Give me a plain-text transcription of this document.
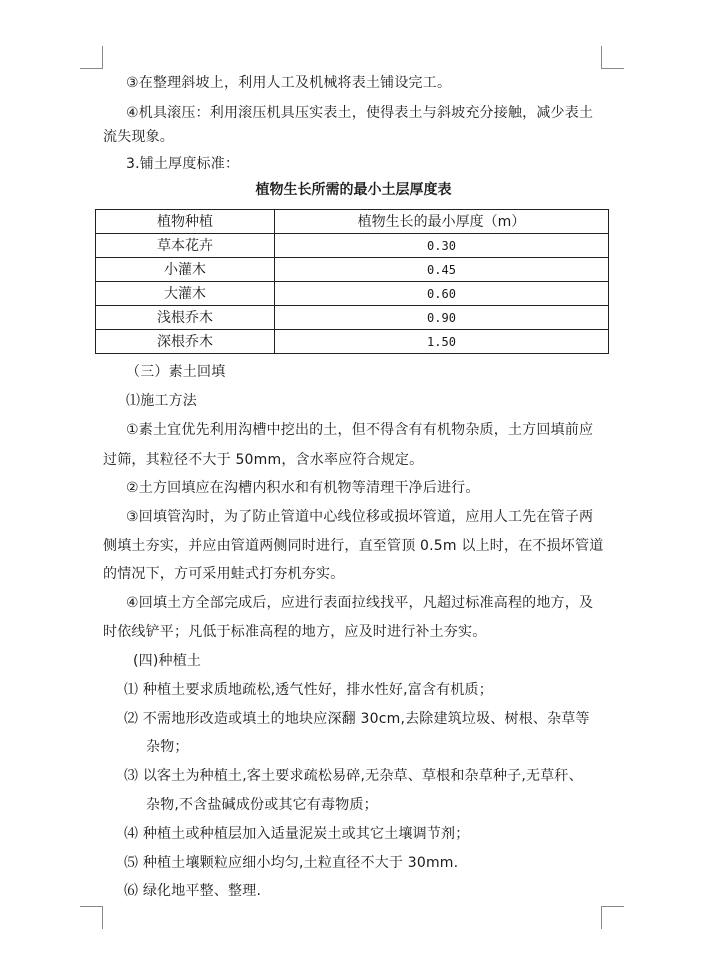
③在整理斜坡上，利用人工及机械将表土铺设完工。
④机具滚压：利用滚压机具压实表土，使得表土与斜坡充分接触，减少表土
流失现象。
3.铺土厚度标准：
植物生长所需的最小土层厚度表
植物种植	植物生长的最小厚度（m）
草本花卉	0.30
小灌木	0.45
大灌木	0.60
浅根乔木	0.90
深根乔木	1.50
（三）素土回填
⑴施工方法
①素土宜优先利用沟槽中挖出的土，但不得含有有机物杂质，土方回填前应
过筛，其粒径不大于 50mm，含水率应符合规定。
②土方回填应在沟槽内积水和有机物等清理干净后进行。
③回填管沟时，为了防止管道中心线位移或损坏管道，应用人工先在管子两
侧填土夯实，并应由管道两侧同时进行，直至管顶 0.5m 以上时，在不损坏管道
的情况下，方可采用蛙式打夯机夯实。
④回填土方全部完成后，应进行表面拉线找平，凡超过标准高程的地方，及
时依线铲平；凡低于标准高程的地方，应及时进行补土夯实。
(四)种植土
⑴ 种植土要求质地疏松,透气性好，排水性好,富含有机质；
⑵ 不需地形改造或填土的地块应深翻 30cm,去除建筑垃圾、树根、杂草等
杂物；
⑶ 以客土为种植土,客土要求疏松易碎,无杂草、草根和杂草种子,无草秆、
杂物,不含盐碱成份或其它有毒物质；
⑷ 种植土或种植层加入适量泥炭土或其它土壤调节剂；
⑸ 种植土壤颗粒应细小均匀,土粒直径不大于 30mm.
⑹ 绿化地平整、整理.
